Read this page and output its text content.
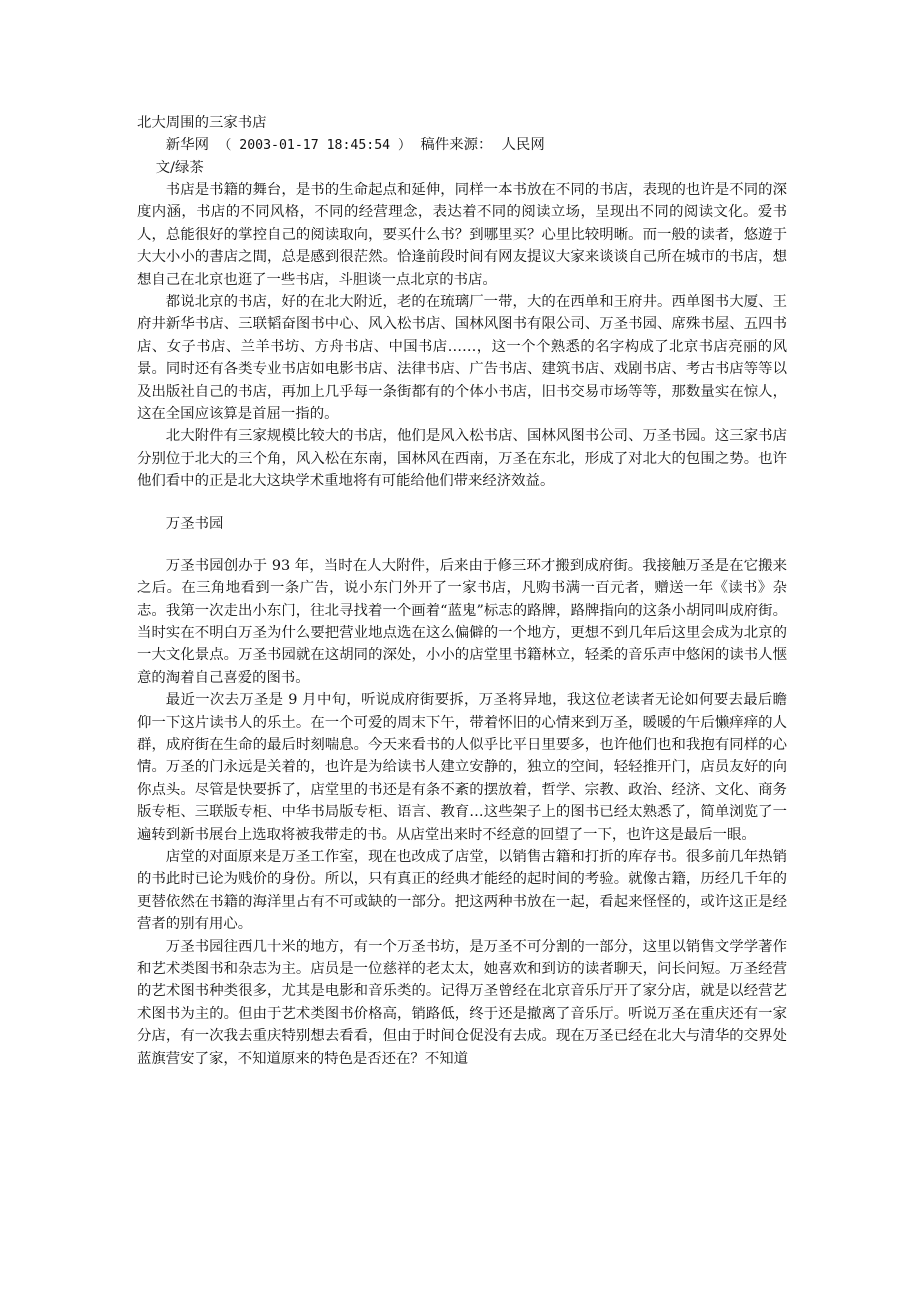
北大周围的三家书店
新华网 （ 2003-01-17 18:45:54 ） 稿件来源： 人民网
文/绿茶

书店是书籍的舞台，是书的生命起点和延伸，同样一本书放在不同的书店，表现的也许是不同的深度内涵，书店的不同风格，不同的经营理念，表达着不同的阅读立场，呈现出不同的阅读文化。爱书人，总能很好的掌控自己的阅读取向，要买什么书？到哪里买？心里比较明晰。而一般的读者，悠遊于大大小小的書店之間，总是感到很茫然。恰逢前段时间有网友提议大家来谈谈自己所在城市的书店，想想自己在北京也逛了一些书店，斗胆谈一点北京的书店。

都说北京的书店，好的在北大附近，老的在琉璃厂一带，大的在西单和王府井。西单图书大厦、王府井新华书店、三联韬奋图书中心、风入松书店、国林风图书有限公司、万圣书园、席殊书屋、五四书店、女子书店、兰羊书坊、方舟书店、中国书店……，这一个个熟悉的名字构成了北京书店亮丽的风景。同时还有各类专业书店如电影书店、法律书店、广告书店、建筑书店、戏剧书店、考古书店等等以及出版社自己的书店，再加上几乎每一条街都有的个体小书店，旧书交易市场等等，那数量实在惊人，这在全国应该算是首屈一指的。

北大附件有三家规模比较大的书店，他们是风入松书店、国林风图书公司、万圣书园。这三家书店分别位于北大的三个角，风入松在东南，国林风在西南，万圣在东北，形成了对北大的包围之势。也许他们看中的正是北大这块学术重地将有可能给他们带来经济效益。

万圣书园

万圣书园创办于 93 年，当时在人大附件，后来由于修三环才搬到成府街。我接触万圣是在它搬来之后。在三角地看到一条广告，说小东门外开了一家书店，凡购书满一百元者，赠送一年《读书》杂志。我第一次走出小东门，往北寻找着一个画着“蓝鬼”标志的路牌，路牌指向的这条小胡同叫成府街。当时实在不明白万圣为什么要把营业地点选在这么偏僻的一个地方，更想不到几年后这里会成为北京的一大文化景点。万圣书园就在这胡同的深处，小小的店堂里书籍林立，轻柔的音乐声中悠闲的读书人惬意的淘着自己喜爱的图书。

最近一次去万圣是 9 月中旬，听说成府街要拆，万圣将异地，我这位老读者无论如何要去最后瞻仰一下这片读书人的乐土。在一个可爱的周末下午，带着怀旧的心情来到万圣，暖暖的午后懒痒痒的人群，成府街在生命的最后时刻喘息。今天来看书的人似乎比平日里要多，也许他们也和我抱有同样的心情。万圣的门永远是关着的，也许是为给读书人建立安静的，独立的空间，轻轻推开门，店员友好的向你点头。尽管是快要拆了，店堂里的书还是有条不紊的摆放着，哲学、宗教、政治、经济、文化、商务版专柜、三联版专柜、中华书局版专柜、语言、教育…这些架子上的图书已经太熟悉了，简单浏览了一遍转到新书展台上选取将被我带走的书。从店堂出来时不经意的回望了一下，也许这是最后一眼。

店堂的对面原来是万圣工作室，现在也改成了店堂，以销售古籍和打折的库存书。很多前几年热销的书此时已论为贱价的身份。所以，只有真正的经典才能经的起时间的考验。就像古籍，历经几千年的更替依然在书籍的海洋里占有不可或缺的一部分。把这两种书放在一起，看起来怪怪的，或许这正是经营者的别有用心。

万圣书园往西几十米的地方，有一个万圣书坊，是万圣不可分割的一部分，这里以销售文学学著作和艺术类图书和杂志为主。店员是一位慈祥的老太太，她喜欢和到访的读者聊天，问长问短。万圣经营的艺术图书种类很多，尤其是电影和音乐类的。记得万圣曾经在北京音乐厅开了家分店，就是以经营艺术图书为主的。但由于艺术类图书价格高，销路低，终于还是撤离了音乐厅。听说万圣在重庆还有一家分店，有一次我去重庆特别想去看看，但由于时间仓促没有去成。现在万圣已经在北大与清华的交界处蓝旗营安了家，不知道原来的特色是否还在？不知道
